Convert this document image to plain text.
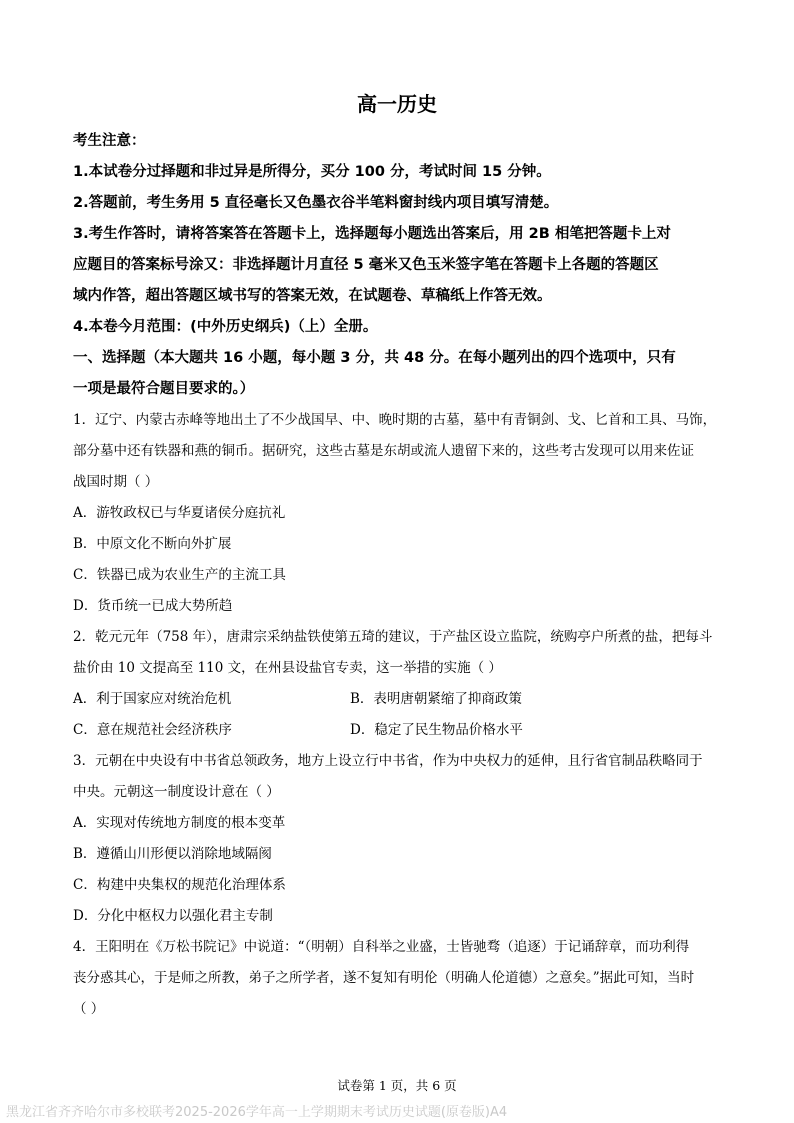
高一历史
考生注意：
1.本试卷分过择题和非过异是所得分，买分 100 分，考试时间 15 分钟。
2.答题前，考生务用 5 直径毫长又色墨衣谷半笔料窗封线内项目填写清楚。
3.考生作答时，请将答案答在答题卡上，选择题每小题选出答案后，用 2B 相笔把答题卡上对
应题目的答案标号涂又：非选择题计月直径 5 毫米又色玉米签字笔在答题卡上各题的答题区
域内作答，超出答题区域书写的答案无效，在试题卷、草稿纸上作答无效。
4.本卷今月范围：(中外历史纲兵)（上）全册。
一、选择题（本大题共 16 小题，每小题 3 分，共 48 分。在每小题列出的四个选项中，只有
一项是最符合题目要求的。）
1．辽宁、内蒙古赤峰等地出土了不少战国早、中、晚时期的古墓，墓中有青铜剑、戈、匕首和工具、马饰，
部分墓中还有铁器和燕的铜币。据研究，这些古墓是东胡或流人遗留下来的，这些考古发现可以用来佐证
战国时期（ ）
A．游牧政权已与华夏诸侯分庭抗礼
B．中原文化不断向外扩展
C．铁器已成为农业生产的主流工具
D．货币统一已成大势所趋
2．乾元元年（758 年），唐肃宗采纳盐铁使第五琦的建议，于产盐区设立监院，统购亭户所煮的盐，把每斗
盐价由 10 文提高至 110 文，在州县设盐官专卖，这一举措的实施（ ）
A．利于国家应对统治危机	B．表明唐朝紧缩了抑商政策
C．意在规范社会经济秩序	D．稳定了民生物品价格水平
3．元朝在中央设有中书省总领政务，地方上设立行中书省，作为中央权力的延伸，且行省官制品秩略同于
中央。元朝这一制度设计意在（ ）
A．实现对传统地方制度的根本变革
B．遵循山川形便以消除地域隔阂
C．构建中央集权的规范化治理体系
D．分化中枢权力以强化君主专制
4．王阳明在《万松书院记》中说道：“（明朝）自科举之业盛，士皆驰骛（追逐）于记诵辞章，而功利得
丧分惑其心，于是师之所教，弟子之所学者，遂不复知有明伦（明确人伦道德）之意矣。”据此可知，当时
（ ）
试卷第 1 页，共 6 页
黑龙江省齐齐哈尔市多校联考2025-2026学年高一上学期期末考试历史试题(原卷版)A4
